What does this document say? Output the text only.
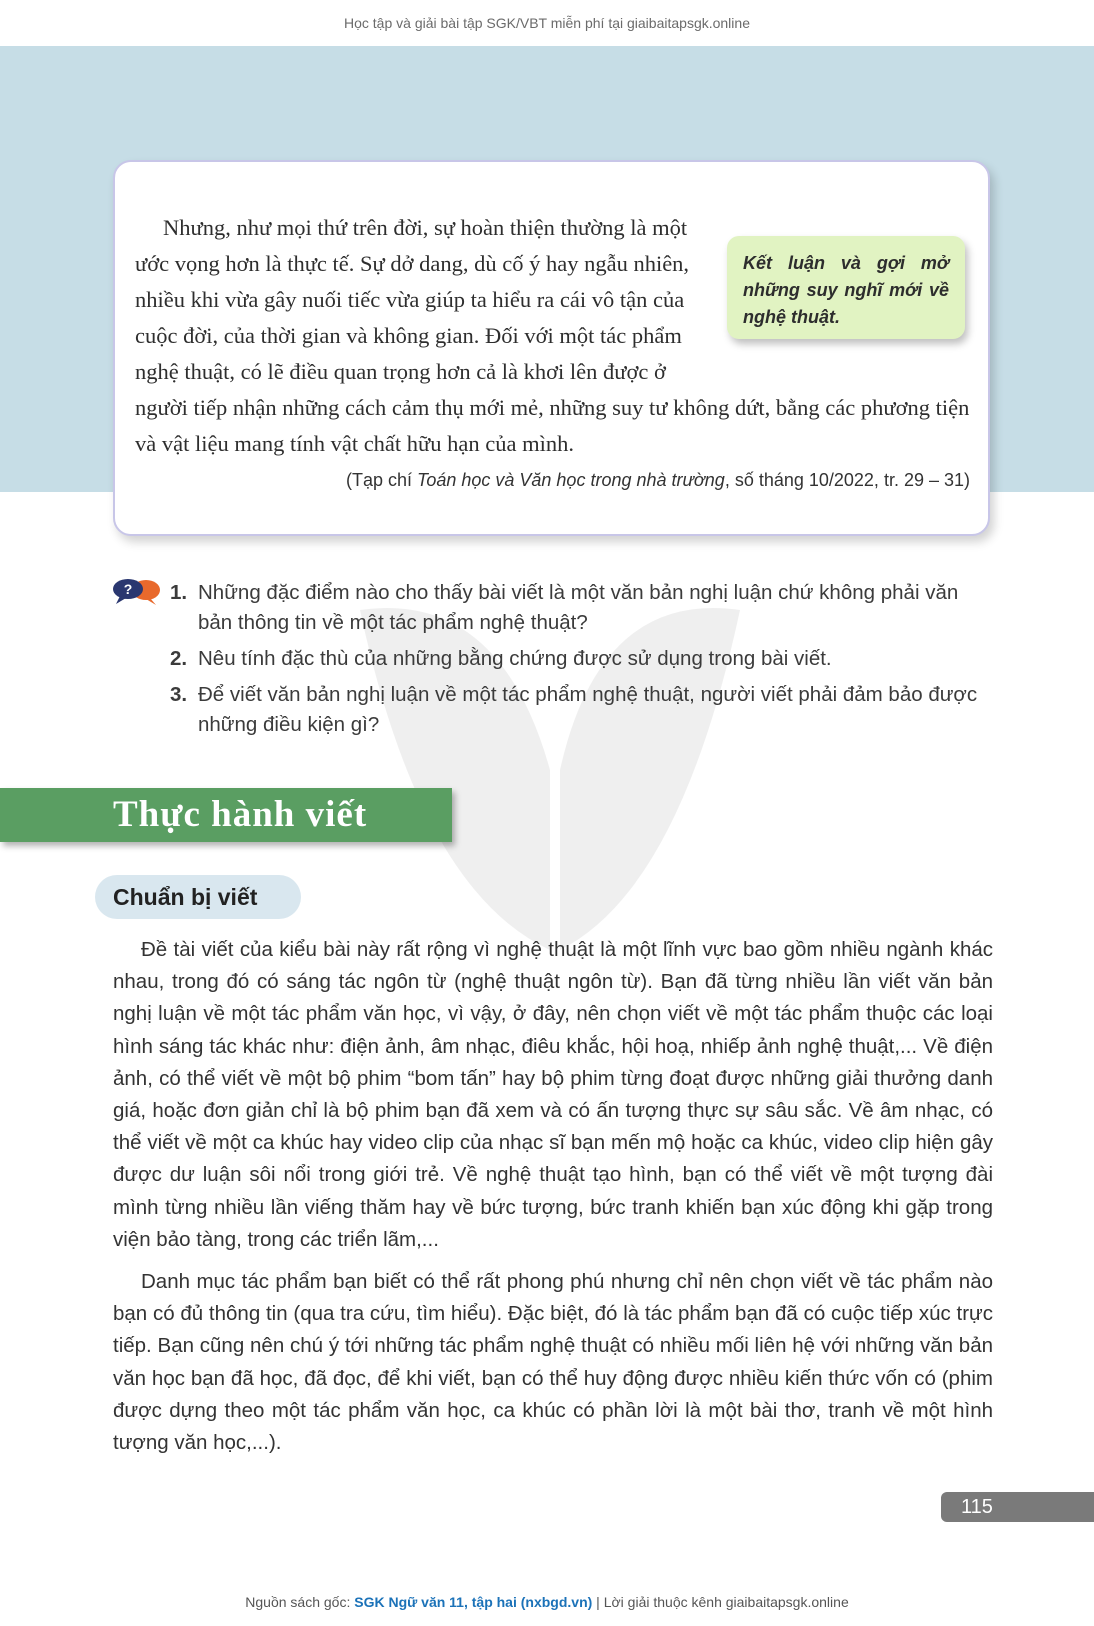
Học tập và giải bài tập SGK/VBT miễn phí tại giaibaitapsgk.online
Kết luận và gợi mở những suy nghĩ mới về nghệ thuật.

Nhưng, như mọi thứ trên đời, sự hoàn thiện thường là một ước vọng hơn là thực tế. Sự dở dang, dù cố ý hay ngẫu nhiên, nhiều khi vừa gây nuối tiếc vừa giúp ta hiểu ra cái vô tận của cuộc đời, của thời gian và không gian. Đối với một tác phẩm nghệ thuật, có lẽ điều quan trọng hơn cả là khơi lên được ở người tiếp nhận những cách cảm thụ mới mẻ, những suy tư không dứt, bằng các phương tiện và vật liệu mang tính vật chất hữu hạn của mình.

(Tạp chí Toán học và Văn học trong nhà trường, số tháng 10/2022, tr. 29 – 31)
? 1. Những đặc điểm nào cho thấy bài viết là một văn bản nghị luận chứ không phải văn bản thông tin về một tác phẩm nghệ thuật?
2. Nêu tính đặc thù của những bằng chứng được sử dụng trong bài viết.
3. Để viết văn bản nghị luận về một tác phẩm nghệ thuật, người viết phải đảm bảo được những điều kiện gì?
Thực hành viết
Chuẩn bị viết

Đề tài viết của kiểu bài này rất rộng vì nghệ thuật là một lĩnh vực bao gồm nhiều ngành khác nhau, trong đó có sáng tác ngôn từ (nghệ thuật ngôn từ). Bạn đã từng nhiều lần viết văn bản nghị luận về một tác phẩm văn học, vì vậy, ở đây, nên chọn viết về một tác phẩm thuộc các loại hình sáng tác khác như: điện ảnh, âm nhạc, điêu khắc, hội hoạ, nhiếp ảnh nghệ thuật,... Về điện ảnh, có thể viết về một bộ phim “bom tấn” hay bộ phim từng đoạt được những giải thưởng danh giá, hoặc đơn giản chỉ là bộ phim bạn đã xem và có ấn tượng thực sự sâu sắc. Về âm nhạc, có thể viết về một ca khúc hay video clip của nhạc sĩ bạn mến mộ hoặc ca khúc, video clip hiện gây được dư luận sôi nổi trong giới trẻ. Về nghệ thuật tạo hình, bạn có thể viết về một tượng đài mình từng nhiều lần viếng thăm hay về bức tượng, bức tranh khiến bạn xúc động khi gặp trong viện bảo tàng, trong các triển lãm,...

Danh mục tác phẩm bạn biết có thể rất phong phú nhưng chỉ nên chọn viết về tác phẩm nào bạn có đủ thông tin (qua tra cứu, tìm hiểu). Đặc biệt, đó là tác phẩm bạn đã có cuộc tiếp xúc trực tiếp. Bạn cũng nên chú ý tới những tác phẩm nghệ thuật có nhiều mối liên hệ với những văn bản văn học bạn đã học, đã đọc, để khi viết, bạn có thể huy động được nhiều kiến thức vốn có (phim được dựng theo một tác phẩm văn học, ca khúc có phần lời là một bài thơ, tranh về một hình tượng văn học,...).

115
Nguồn sách gốc: SGK Ngữ văn 11, tập hai (nxbgd.vn) | Lời giải thuộc kênh giaibaitapsgk.online
